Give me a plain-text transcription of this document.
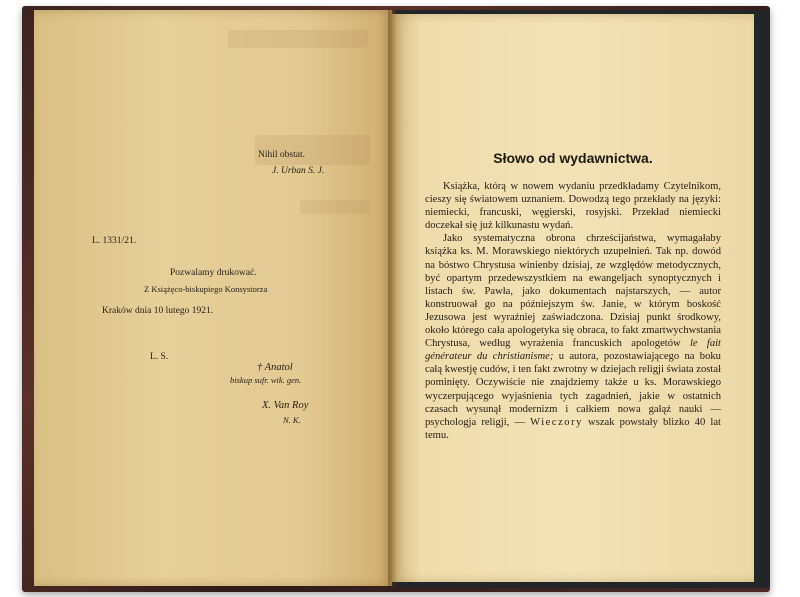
Nihil obstat.
J. Urban S. J.
L. 1331/21.
Pozwalamy drukować.
Z Książęco-biskupiego Konsystorza
Kraków dnia 10 lutego 1921.
L. S.
† Anatol
biskup sufr. wik. gen.
X. Van Roy
N. K.
Słowo od wydawnictwa.

Książka, którą w nowem wydaniu przedkładamy Czytelnikom, cieszy się światowem uznaniem. Dowodzą tego przekłady na języki: niemiecki, francuski, węgierski, rosyjski. Przekład niemiecki doczekał się już kilkunastu wydań.

Jako systematyczna obrona chrześcijaństwa, wymagałaby książka ks. M. Morawskiego niektórych uzupełnień. Tak np. dowód na bóstwo Chrystusa winienby dzisiaj, ze względów metodycznych, być opartym przedewszystkiem na ewangeljach synoptycznych i listach św. Pawła, jako dokumentach najstarszych, — autor konstruował go na późniejszym św. Janie, w którym boskość Jezusowa jest wyraźniej zaświadczona. Dzisiaj punkt środkowy, około którego cała apologetyka się obraca, to fakt zmartwychwstania Chrystusa, według wyrażenia francuskich apologetów le fait générateur du christianisme; u autora, pozostawiającego na boku całą kwestję cudów, i ten fakt zwrotny w dziejach religji świata został pominięty. Oczywiście nie znajdziemy także u ks. Morawskiego wyczerpującego wyjaśnienia tych zagadnień, jakie w ostatnich czasach wysunął modernizm i całkiem nowa gałąź nauki — psychologja religji, — Wieczory wszak powstały blizko 40 lat temu.
